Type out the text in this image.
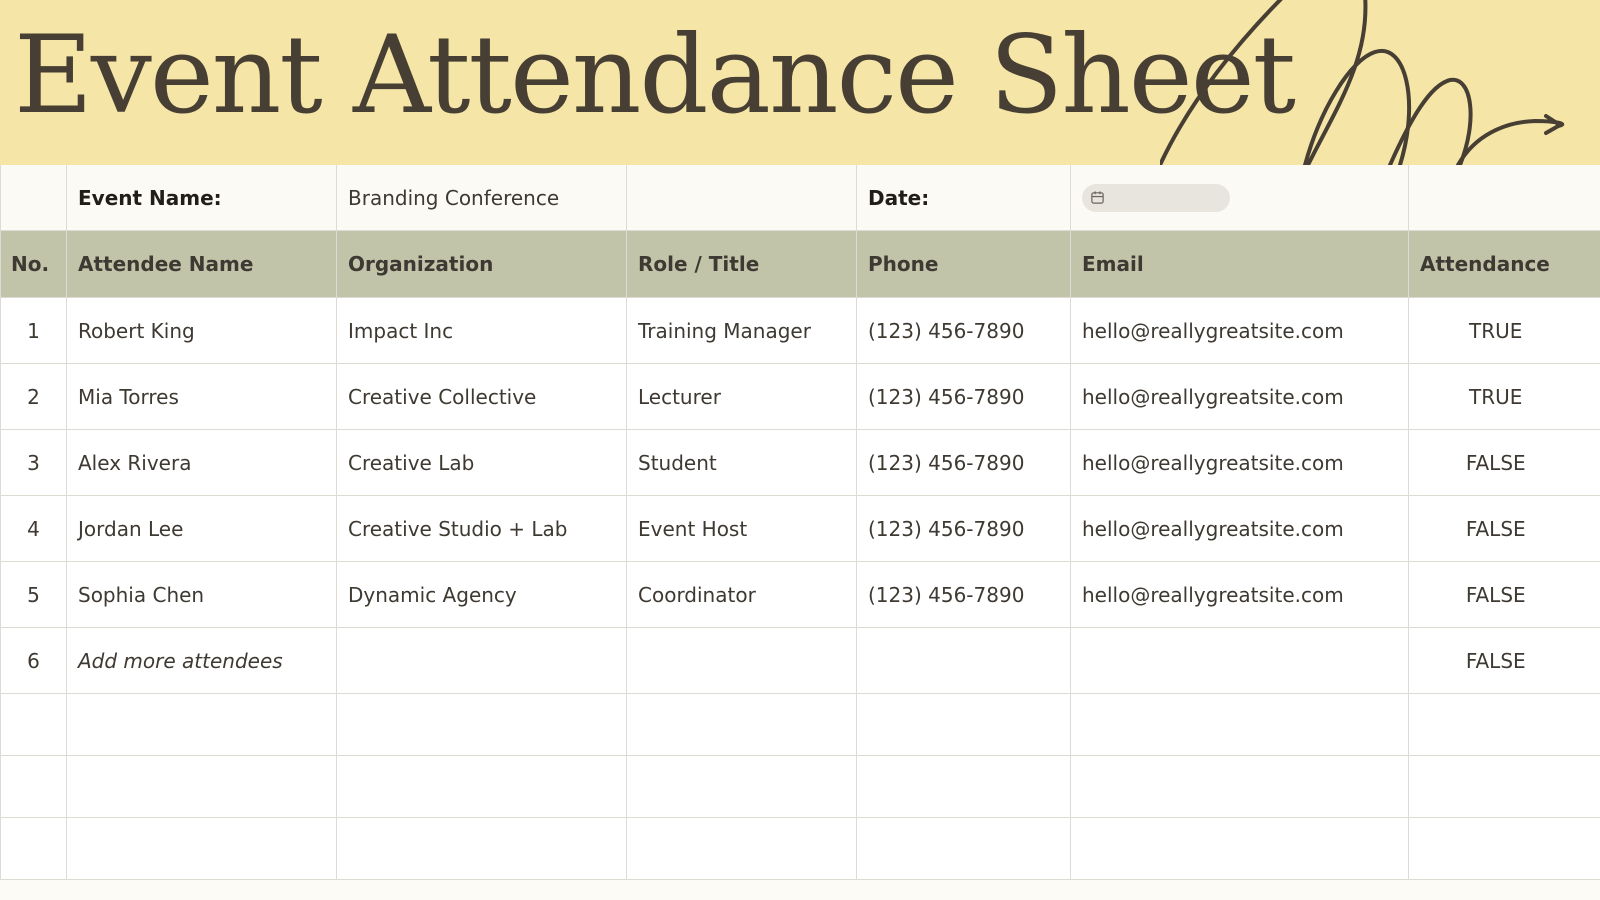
Event Attendance Sheet
	Event Name:	Branding Conference		Date:	

No.	Attendee Name	Organization	Role / Title	Phone	Email	Attendance
1	Robert King	Impact Inc	Training Manager	(123) 456-7890	hello@reallygreatsite.com	TRUE
2	Mia Torres	Creative Collective	Lecturer	(123) 456-7890	hello@reallygreatsite.com	TRUE
3	Alex Rivera	Creative Lab	Student	(123) 456-7890	hello@reallygreatsite.com	FALSE
4	Jordan Lee	Creative Studio + Lab	Event Host	(123) 456-7890	hello@reallygreatsite.com	FALSE
5	Sophia Chen	Dynamic Agency	Coordinator	(123) 456-7890	hello@reallygreatsite.com	FALSE
6	Add more attendees					FALSE
